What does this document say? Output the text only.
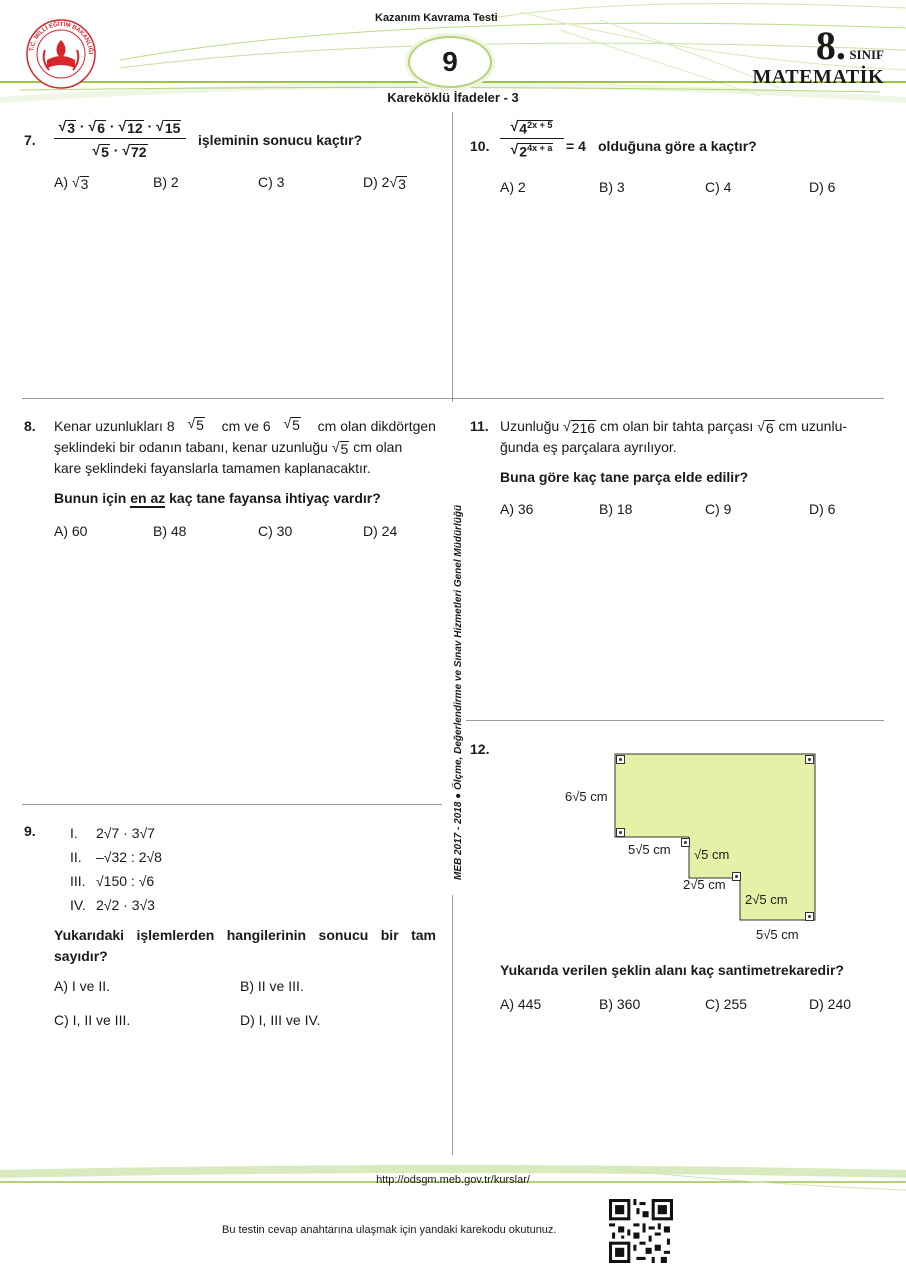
T.C. MİLLÎ EĞİTİM BAKANLIĞI
Kazanım Kavrama Testi
9	8. SINIF
MATEMATİK
Kareköklü İfadeler - 3
MEB 2017 - 2018 ● Ölçme, Değerlendirme ve Sınav Hizmetleri Genel Müdürlüğü
7. $\frac{√ 3 \cdot √ 6 \cdot √ 12 \cdot √ 15}{√ 5 \cdot √ 72}$ işleminin sonucu kaçtır?
A) √ 3	B) 2	C) 3	D) 2 √ 3
10. $\frac{√ 4^{2x + 5}}{√ 2^{4x + a}} = 4$ olduğuna göre a kaçtır?
A) 2	B) 3	C) 4	D) 6
8. Kenar uzunlukları 8 √ 5 cm ve 6 √ 5 cm olan dikdörtgen
şeklindeki bir odanın tabanı, kenar uzunluğu √ 5 cm olan
kare şeklindeki fayanslarla tamamen kaplanacaktır.
Bunun için en az kaç tane fayansa ihtiyaç vardır?
A) 60	B) 48	C) 30	D) 24
11. Uzunluğu √ 216 cm olan bir tahta parçası √ 6 cm uzunlu-
ğunda eş parçalara ayrılıyor.
Buna göre kaç tane parça elde edilir?
A) 36	B) 18	C) 9	D) 6
12.
6√5 cm
5√5 cm √5 cm
2√5 cm
2√5 cm
5√5 cm
Yukarıda verilen şeklin alanı kaç santimetrekaredir?
A) 445	B) 360	C) 255	D) 240
9. I. 2√7 · 3√7
II. –√32 : 2√8
III. √150 : √6
IV. 2√2 · 3√3
Yukarıdaki işlemlerden hangilerinin sonucu bir tam
sayıdır?
A) I ve II.	B) II ve III.
C) I, II ve III.	D) I, III ve IV.
http://odsgm.meb.gov.tr/kurslar/
Bu testin cevap anahtarına ulaşmak için yandaki karekodu okutunuz.
